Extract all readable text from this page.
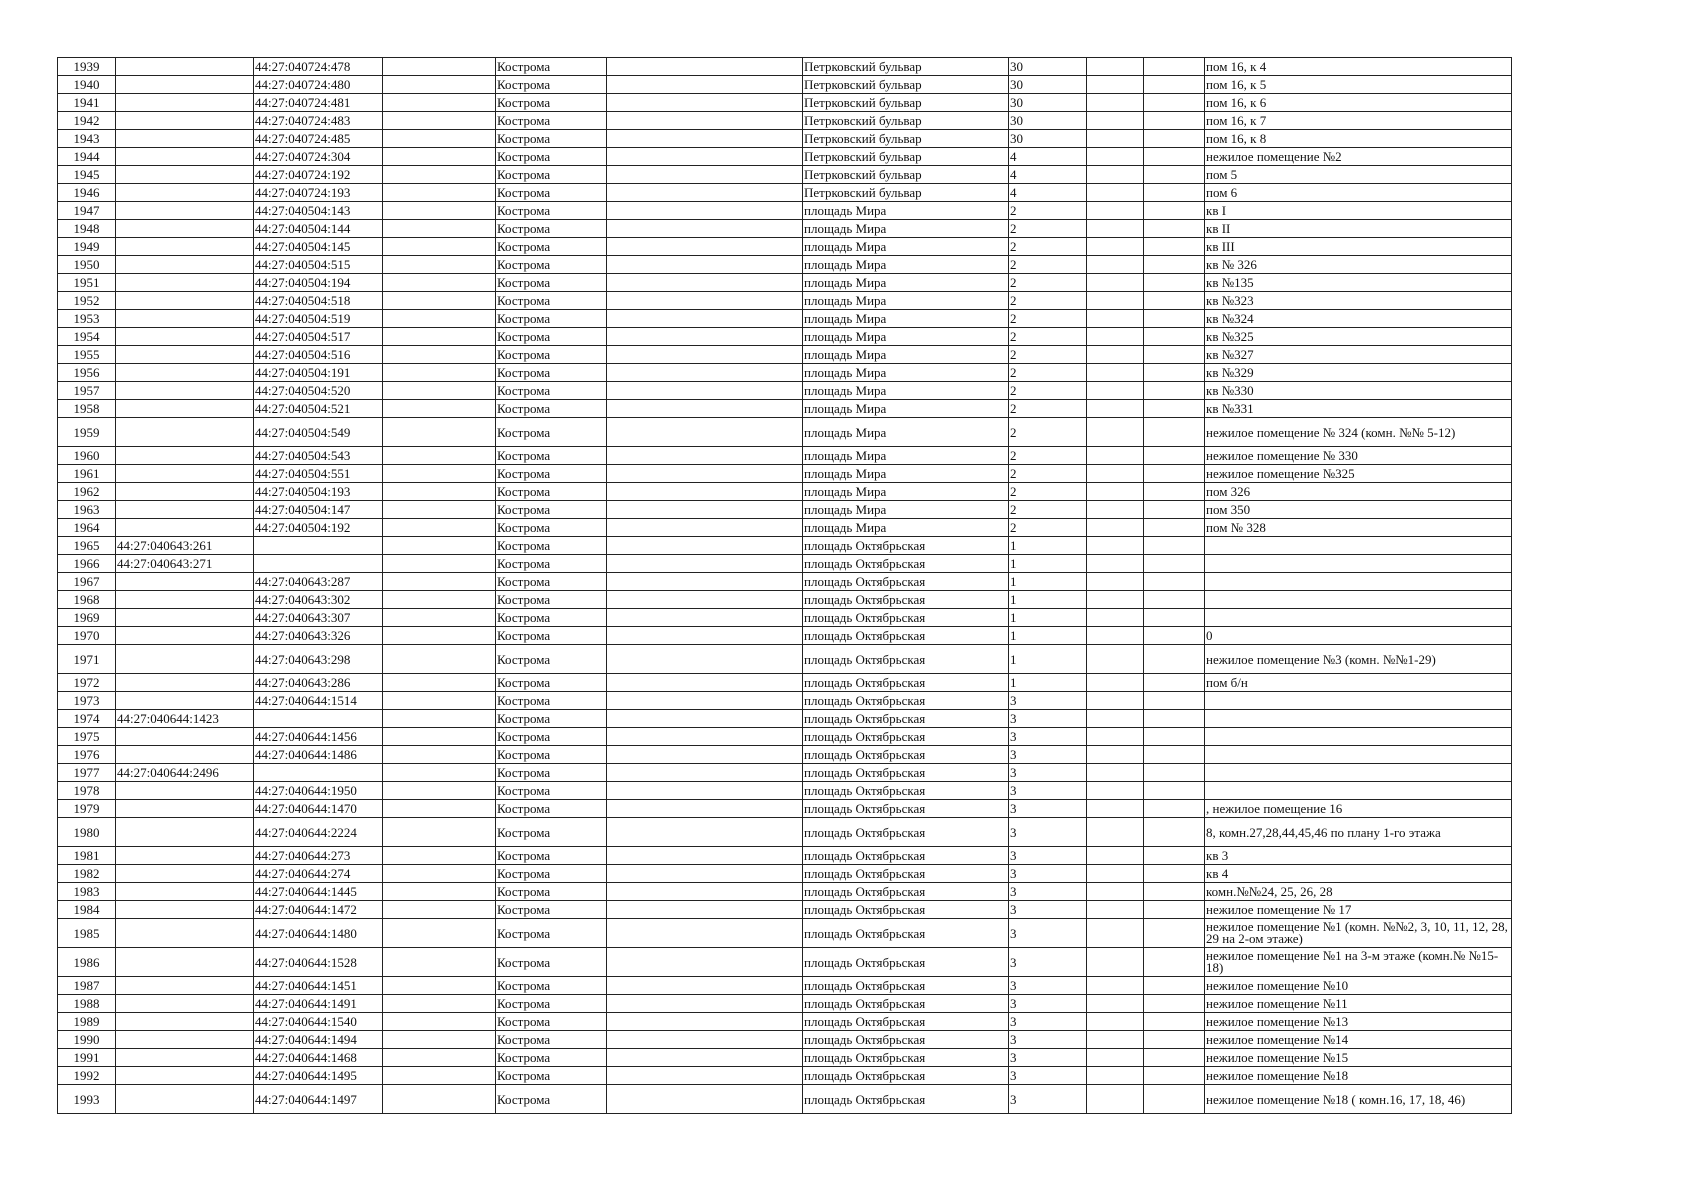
1939		44:27:040724:478		Кострома		Петрковский бульвар	30			пом 16, к 4
1940		44:27:040724:480		Кострома		Петрковский бульвар	30			пом 16, к 5
1941		44:27:040724:481		Кострома		Петрковский бульвар	30			пом 16, к 6
1942		44:27:040724:483		Кострома		Петрковский бульвар	30			пом 16, к 7
1943		44:27:040724:485		Кострома		Петрковский бульвар	30			пом 16, к 8
1944		44:27:040724:304		Кострома		Петрковский бульвар	4			нежилое помещение №2
1945		44:27:040724:192		Кострома		Петрковский бульвар	4			пом 5
1946		44:27:040724:193		Кострома		Петрковский бульвар	4			пом 6
1947		44:27:040504:143		Кострома		площадь Мира	2			кв I
1948		44:27:040504:144		Кострома		площадь Мира	2			кв II
1949		44:27:040504:145		Кострома		площадь Мира	2			кв III
1950		44:27:040504:515		Кострома		площадь Мира	2			кв № 326
1951		44:27:040504:194		Кострома		площадь Мира	2			кв №135
1952		44:27:040504:518		Кострома		площадь Мира	2			кв №323
1953		44:27:040504:519		Кострома		площадь Мира	2			кв №324
1954		44:27:040504:517		Кострома		площадь Мира	2			кв №325
1955		44:27:040504:516		Кострома		площадь Мира	2			кв №327
1956		44:27:040504:191		Кострома		площадь Мира	2			кв №329
1957		44:27:040504:520		Кострома		площадь Мира	2			кв №330
1958		44:27:040504:521		Кострома		площадь Мира	2			кв №331
1959		44:27:040504:549		Кострома		площадь Мира	2			нежилое помещение № 324 (комн. №№ 5-12)
1960		44:27:040504:543		Кострома		площадь Мира	2			нежилое помещение № 330
1961		44:27:040504:551		Кострома		площадь Мира	2			нежилое помещение №325
1962		44:27:040504:193		Кострома		площадь Мира	2			пом 326
1963		44:27:040504:147		Кострома		площадь Мира	2			пом 350
1964		44:27:040504:192		Кострома		площадь Мира	2			пом № 328
1965	44:27:040643:261			Кострома		площадь Октябрьская	1			
1966	44:27:040643:271			Кострома		площадь Октябрьская	1			
1967		44:27:040643:287		Кострома		площадь Октябрьская	1			
1968		44:27:040643:302		Кострома		площадь Октябрьская	1			
1969		44:27:040643:307		Кострома		площадь Октябрьская	1			
1970		44:27:040643:326		Кострома		площадь Октябрьская	1			0
1971		44:27:040643:298		Кострома		площадь Октябрьская	1			нежилое помещение №3 (комн. №№1-29)
1972		44:27:040643:286		Кострома		площадь Октябрьская	1			пом б/н
1973		44:27:040644:1514		Кострома		площадь Октябрьская	3			
1974	44:27:040644:1423			Кострома		площадь Октябрьская	3			
1975		44:27:040644:1456		Кострома		площадь Октябрьская	3			
1976		44:27:040644:1486		Кострома		площадь Октябрьская	3			
1977	44:27:040644:2496			Кострома		площадь Октябрьская	3			
1978		44:27:040644:1950		Кострома		площадь Октябрьская	3			
1979		44:27:040644:1470		Кострома		площадь Октябрьская	3			, нежилое помещение 16
1980		44:27:040644:2224		Кострома		площадь Октябрьская	3			8, комн.27,28,44,45,46 по плану 1-го этажа
1981		44:27:040644:273		Кострома		площадь Октябрьская	3			кв 3
1982		44:27:040644:274		Кострома		площадь Октябрьская	3			кв 4
1983		44:27:040644:1445		Кострома		площадь Октябрьская	3			комн.№№24, 25, 26, 28
1984		44:27:040644:1472		Кострома		площадь Октябрьская	3			нежилое помещение № 17
1985		44:27:040644:1480		Кострома		площадь Октябрьская	3			нежилое помещение №1 (комн. №№2, 3, 10, 11, 12, 28, 29 на 2-ом этаже)
1986		44:27:040644:1528		Кострома		площадь Октябрьская	3			нежилое помещение №1 на 3-м этаже (комн.№ №15-18)
1987		44:27:040644:1451		Кострома		площадь Октябрьская	3			нежилое помещение №10
1988		44:27:040644:1491		Кострома		площадь Октябрьская	3			нежилое помещение №11
1989		44:27:040644:1540		Кострома		площадь Октябрьская	3			нежилое помещение №13
1990		44:27:040644:1494		Кострома		площадь Октябрьская	3			нежилое помещение №14
1991		44:27:040644:1468		Кострома		площадь Октябрьская	3			нежилое помещение №15
1992		44:27:040644:1495		Кострома		площадь Октябрьская	3			нежилое помещение №18
1993		44:27:040644:1497		Кострома		площадь Октябрьская	3			нежилое помещение №18 ( комн.16, 17, 18, 46)
